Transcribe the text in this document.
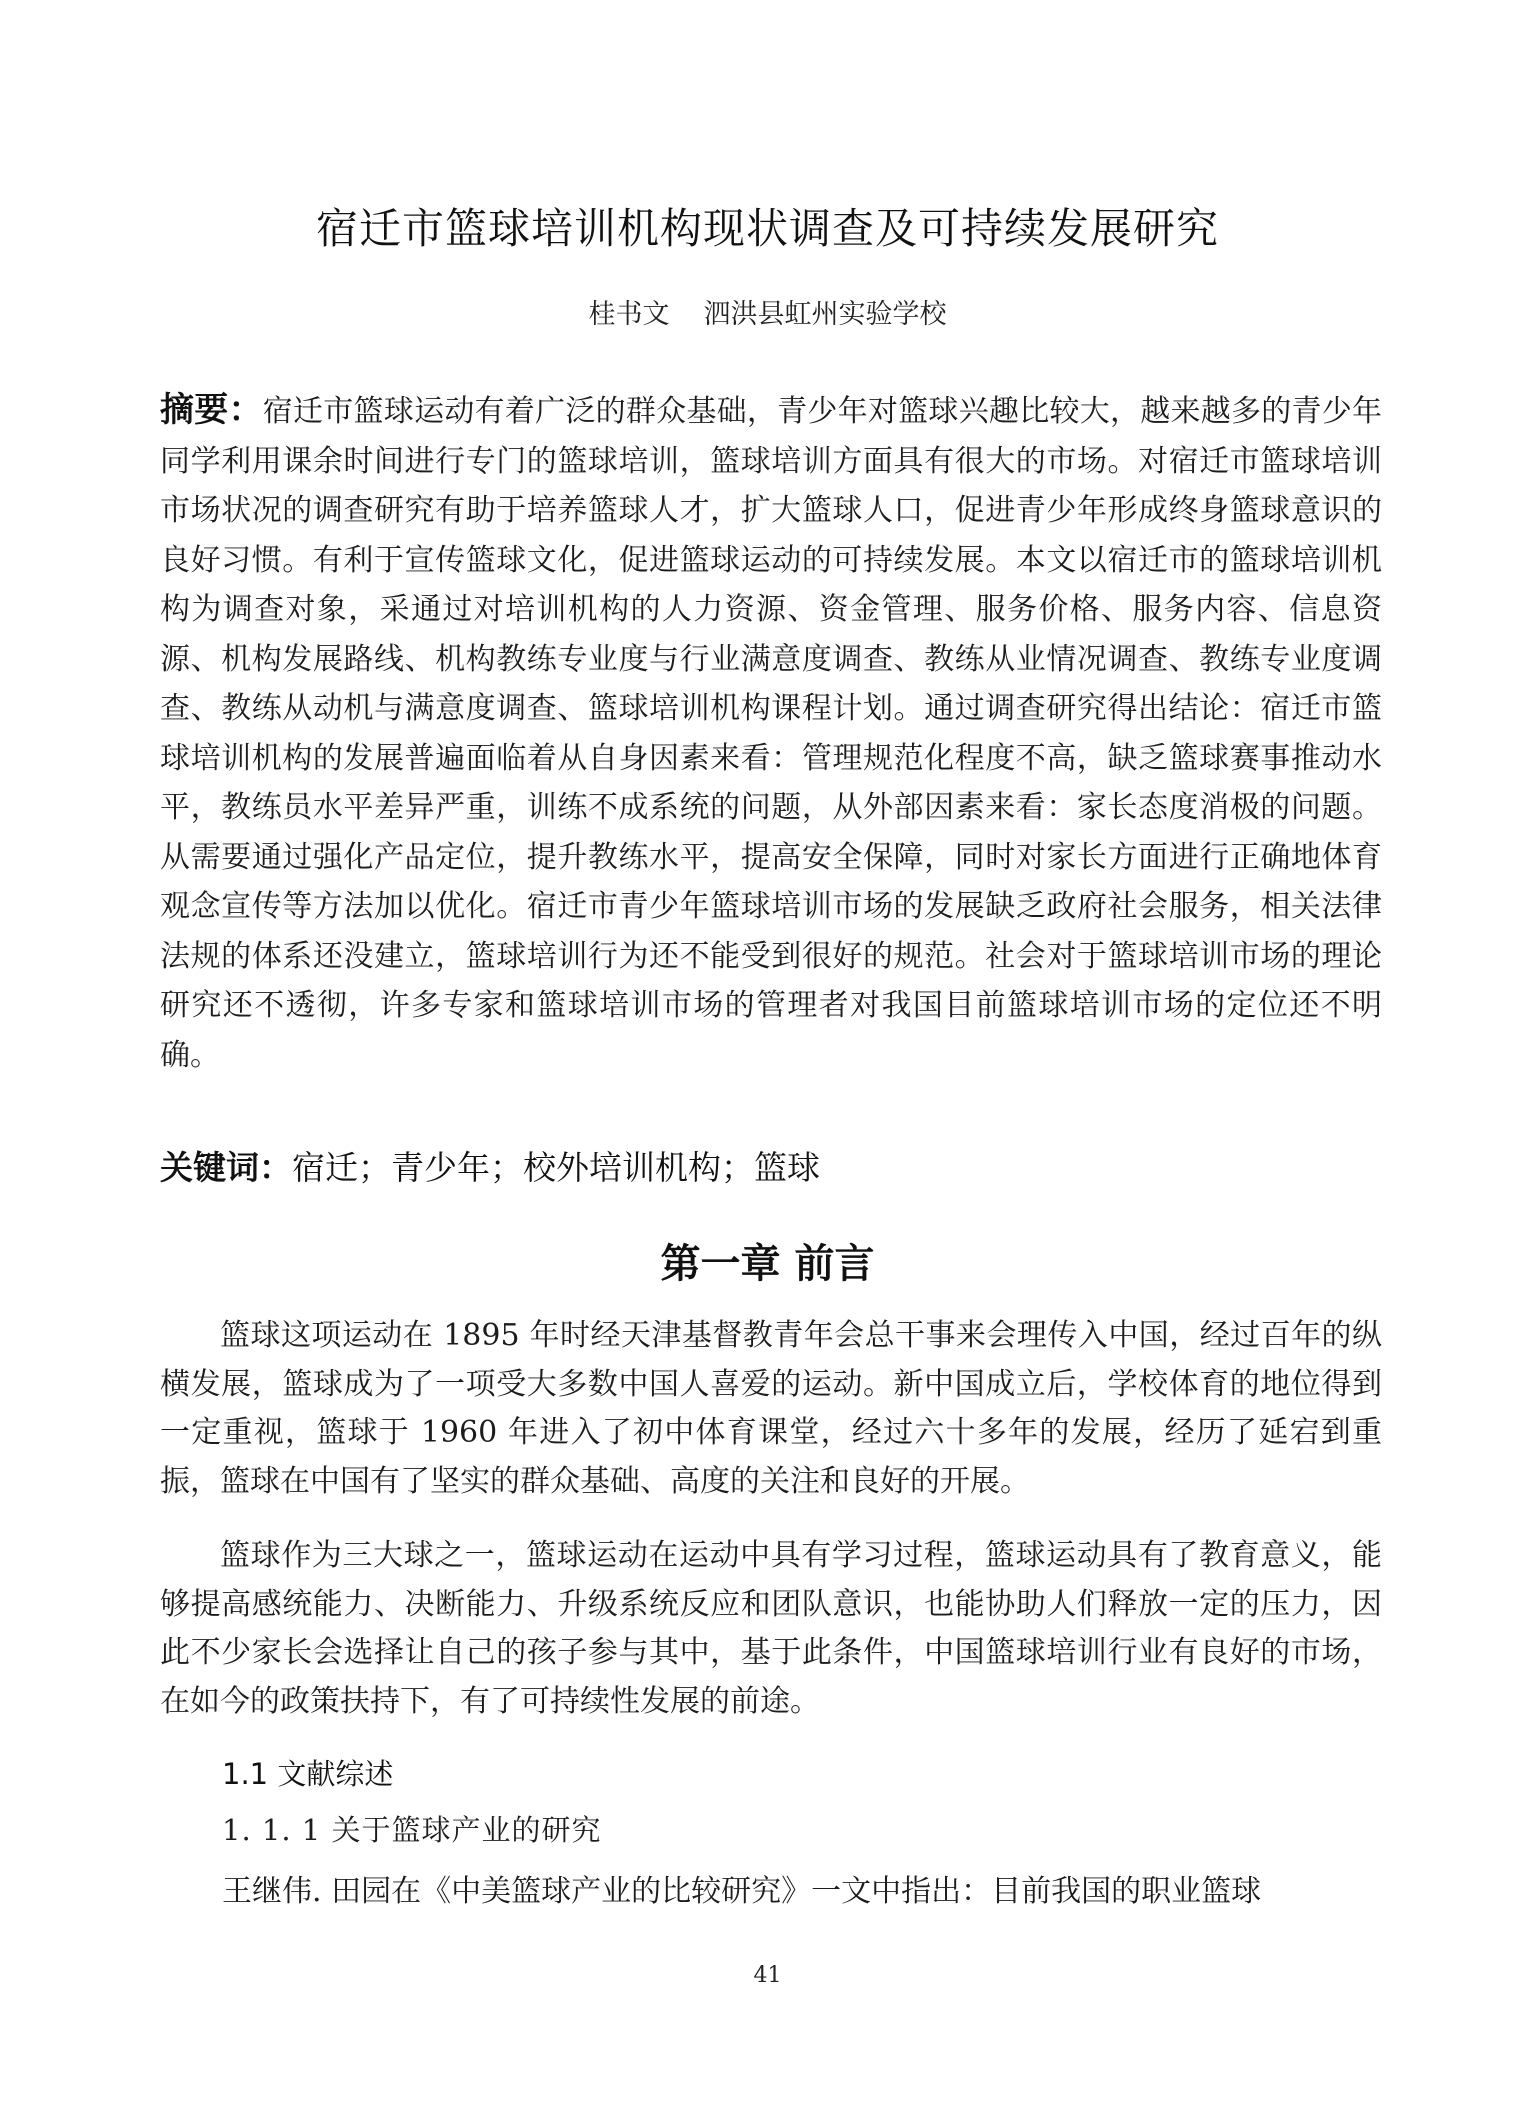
宿迁市篮球培训机构现状调查及可持续发展研究
桂书文 泗洪县虹州实验学校
摘要：宿迁市篮球运动有着广泛的群众基础，青少年对篮球兴趣比较大，越来越多的青少年同学利用课余时间进行专门的篮球培训，篮球培训方面具有很大的市场。对宿迁市篮球培训市场状况的调查研究有助于培养篮球人才，扩大篮球人口，促进青少年形成终身篮球意识的良好习惯。有利于宣传篮球文化，促进篮球运动的可持续发展。本文以宿迁市的篮球培训机构为调查对象，采通过对培训机构的人力资源、资金管理、服务价格、服务内容、信息资源、机构发展路线、机构教练专业度与行业满意度调查、教练从业情况调查、教练专业度调查、教练从动机与满意度调查、篮球培训机构课程计划。通过调查研究得出结论：宿迁市篮球培训机构的发展普遍面临着从自身因素来看：管理规范化程度不高，缺乏篮球赛事推动水平，教练员水平差异严重，训练不成系统的问题，从外部因素来看：家长态度消极的问题。从需要通过强化产品定位，提升教练水平，提高安全保障，同时对家长方面进行正确地体育观念宣传等方法加以优化。宿迁市青少年篮球培训市场的发展缺乏政府社会服务，相关法律法规的体系还没建立，篮球培训行为还不能受到很好的规范。社会对于篮球培训市场的理论研究还不透彻，许多专家和篮球培训市场的管理者对我国目前篮球培训市场的定位还不明确。
关键词：宿迁；青少年；校外培训机构；篮球
第一章 前言

篮球这项运动在 1895 年时经天津基督教青年会总干事来会理传入中国，经过百年的纵横发展，篮球成为了一项受大多数中国人喜爱的运动。新中国成立后，学校体育的地位得到一定重视，篮球于 1960 年进入了初中体育课堂，经过六十多年的发展，经历了延宕到重振，篮球在中国有了坚实的群众基础、高度的关注和良好的开展。

篮球作为三大球之一，篮球运动在运动中具有学习过程，篮球运动具有了教育意义，能够提高感统能力、决断能力、升级系统反应和团队意识，也能协助人们释放一定的压力，因此不少家长会选择让自己的孩子参与其中，基于此条件，中国篮球培训行业有良好的市场，在如今的政策扶持下，有了可持续性发展的前途。

1.1 文献综述
1. 1. 1 关于篮球产业的研究
王继伟. 田园在《中美篮球产业的比较研究》一文中指出：目前我国的职业篮球
41
